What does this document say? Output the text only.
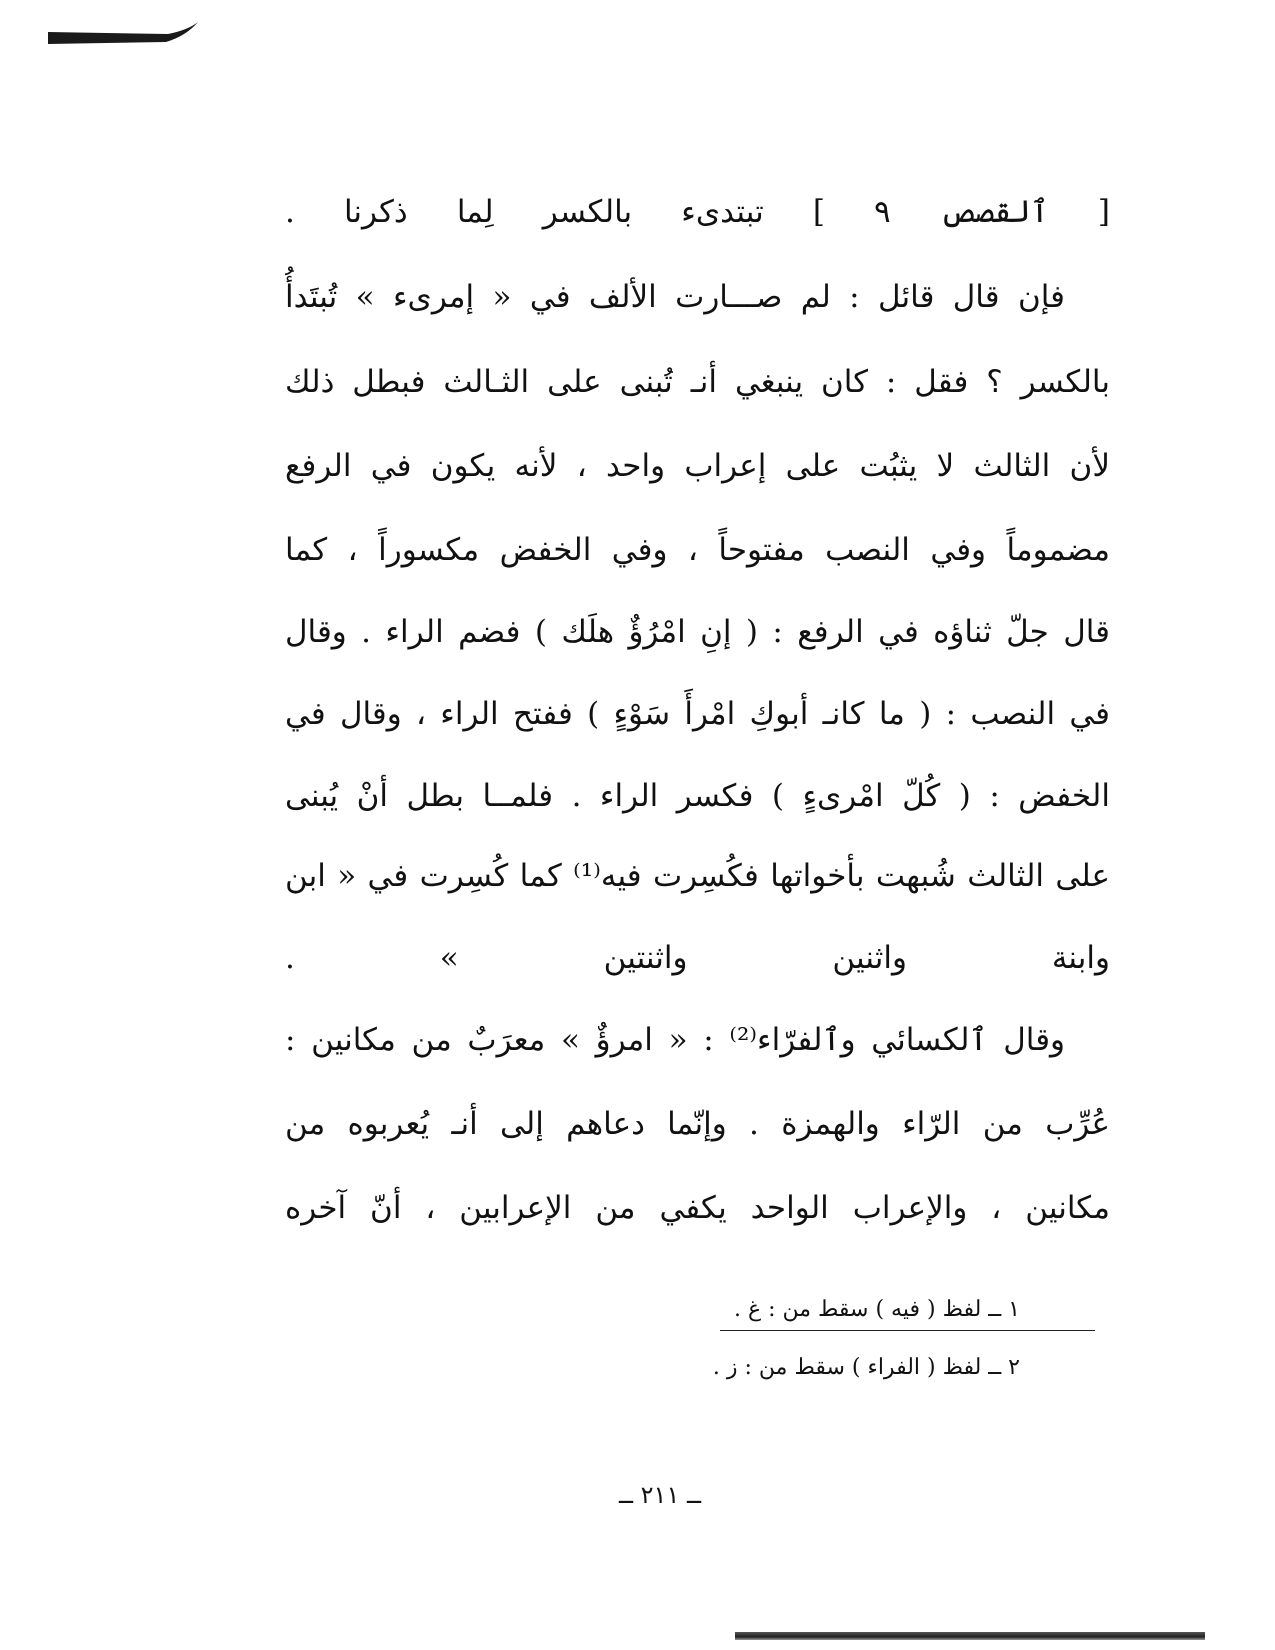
[ ٱلقصص ٩ ] تبتدىء بالكسر لِما ذكرنا .
فإن قال قائل : لم صـــارت الألف في « إمرىء » تُبتَدأُ
بالكسر ؟ فقل : كان ينبغي أنـ تُبنى على الثـالث فبطل ذلك
لأن الثالث لا يثبُت على إعراب واحد ، لأنه يكون في الرفع
مضموماً وفي النصب مفتوحاً ، وفي الخفض مكسوراً ، كما
قال جلّ ثناؤه في الرفع : ( إنِ امْرُؤٌ هلَك ) فضم الراء . وقال
في النصب : ( ما كانـ أبوكِ امْرأَ سَوْءٍ ) ففتح الراء ، وقال في
الخفض : ( كُلّ امْرىءٍ ) فكسر الراء . فلمــا بطل أنْ يُبنى
على الثالث شُبهت بأخواتها فكُسِرت فيه⁽¹⁾ كما كُسِرت في « ابن
وابنة واثنين واثنتين » .
وقال ٱلكسائي وٱلفرّاء⁽²⁾ : « امرؤٌ » معرَبٌ من مكانين :
عُرِّب من الرّاء والهمزة . وإنّما دعاهم إلى أنـ يُعربوه من
مكانين ، والإعراب الواحد يكفي من الإعرابين ، أنّ آخره
١ ــ لفظ ( فيه ) سقط من : غ .
٢ ــ لفظ ( الفراء ) سقط من : ز .
ــ ٢١١ ــ
